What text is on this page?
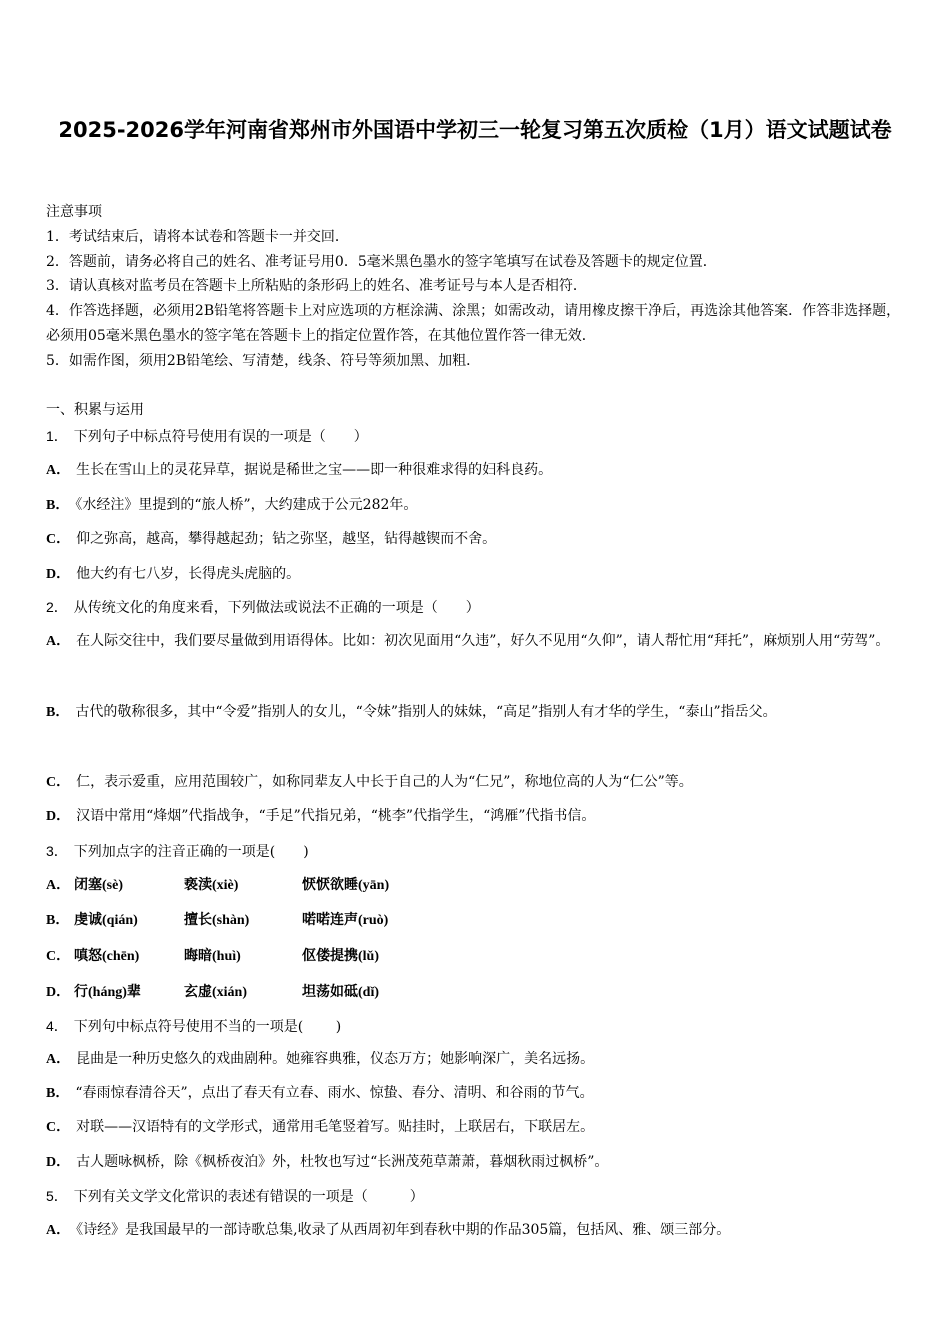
2025-2026学年河南省郑州市外国语中学初三一轮复习第五次质检（1月）语文试题试卷
注意事项
1．考试结束后，请将本试卷和答题卡一并交回．
2．答题前，请务必将自己的姓名、准考证号用0．5毫米黑色墨水的签字笔填写在试卷及答题卡的规定位置．
3．请认真核对监考员在答题卡上所粘贴的条形码上的姓名、准考证号与本人是否相符．
4．作答选择题，必须用2B铅笔将答题卡上对应选项的方框涂满、涂黑；如需改动，请用橡皮擦干净后，再选涂其他答案．作答非选择题，必须用05毫米黑色墨水的签字笔在答题卡上的指定位置作答，在其他位置作答一律无效．
5．如需作图，须用2B铅笔绘、写清楚，线条、符号等须加黑、加粗．
一、积累与运用
1． 下列句子中标点符号使用有误的一项是（　　）
A． 生长在雪山上的灵花异草，据说是稀世之宝——即一种很难求得的妇科良药。
B． 《水经注》里提到的“旅人桥”，大约建成于公元282年。
C． 仰之弥高，越高，攀得越起劲；钻之弥坚，越坚，钻得越锲而不舍。
D． 他大约有七八岁，长得虎头虎脑的。
2． 从传统文化的角度来看，下列做法或说法不正确的一项是（　　）
A． 在人际交往中，我们要尽量做到用语得体。比如：初次见面用“久违”，好久不见用“久仰”，请人帮忙用“拜托”，麻烦别人用“劳驾”。
B． 古代的敬称很多，其中“令爱”指别人的女儿，“令妹”指别人的妹妹，“高足”指别人有才华的学生，“泰山”指岳父。
C． 仁，表示爱重，应用范围较广，如称同辈友人中长于自己的人为“仁兄”，称地位高的人为“仁公”等。
D． 汉语中常用“烽烟”代指战争，“手足”代指兄弟，“桃李”代指学生，“鸿雁”代指书信。
3． 下列加点字的注音正确的一项是(　　)
A． 闭塞(sè)	亵渎(xiè)	恹恹欲睡(yān)
B． 虔诚(qián)	擅长(shàn)	喏喏连声(ruò)
C． 嗔怒(chēn)	晦暗(huì)	伛偻提携(lǔ)
D． 行(háng)辈	玄虚(xián)	坦荡如砥(dǐ)
4． 下列句中标点符号使用不当的一项是(　　 )
A． 昆曲是一种历史悠久的戏曲剧种。她雍容典雅，仪态万方；她影响深广，美名远扬。
B． “春雨惊春清谷天”，点出了春天有立春、雨水、惊蛰、春分、清明、和谷雨的节气。
C． 对联——汉语特有的文学形式，通常用毛笔竖着写。贴挂时，上联居右，下联居左。
D． 古人题咏枫桥，除《枫桥夜泊》外，杜牧也写过“长洲茂苑草萧萧，暮烟秋雨过枫桥”。
5． 下列有关文学文化常识的表述有错误的一项是（　　　）
A． 《诗经》是我国最早的一部诗歌总集,收录了从西周初年到春秋中期的作品305篇，包括风、雅、颂三部分。
